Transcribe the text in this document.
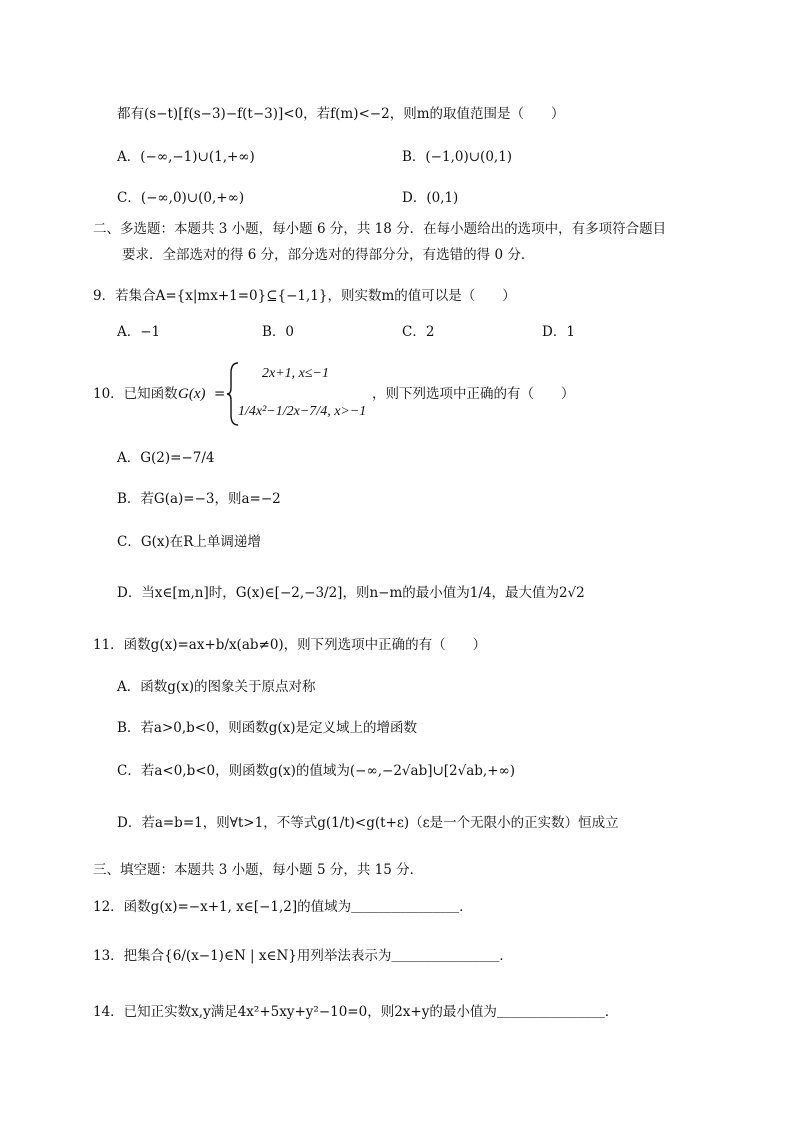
都有(s−t)[f(s−3)−f(t−3)]<0，若f(m)<−2，则m的取值范围是（　　）
A．(−∞,−1)∪(1,+∞)	B．(−1,0)∪(0,1)
C．(−∞,0)∪(0,+∞)	D．(0,1)
二、多选题：本题共 3 小题，每小题 6 分，共 18 分．在每小题给出的选项中，有多项符合题目
要求．全部选对的得 6 分，部分选对的得部分分，有选错的得 0 分．
9．若集合A={x|mx+1=0}⊆{−1,1}，则实数m的值可以是（　　）
A．−1	B．0	C．2	D．1
10．已知函数 G(x) =
2x+1, x≤−1
1/4x²−1/2x−7/4, x>−1
，则下列选项中正确的有（　　）
A．G(2)=−7/4
B．若G(a)=−3，则a=−2
C．G(x)在R上单调递增
D．当x∈[m,n]时，G(x)∈[−2,−3/2]，则n−m的最小值为1/4，最大值为2√2
11．函数g(x)=ax+b/x(ab≠0)，则下列选项中正确的有（　　）
A．函数g(x)的图象关于原点对称
B．若a>0,b<0，则函数g(x)是定义域上的增函数
C．若a<0,b<0，则函数g(x)的值域为(−∞,−2√ab]∪[2√ab,+∞)
D．若a=b=1，则∀t>1，不等式g(1/t)<g(t+ε)（ε是一个无限小的正实数）恒成立
三、填空题：本题共 3 小题，每小题 5 分，共 15 分．
12．函数g(x)=−x+1, x∈[−1,2]的值域为＿＿＿＿＿＿＿＿．
13．把集合{6/(x−1)∈N | x∈N}用列举法表示为＿＿＿＿＿＿＿＿．
14．已知正实数x,y满足4x²+5xy+y²−10=0，则2x+y的最小值为＿＿＿＿＿＿＿＿．
